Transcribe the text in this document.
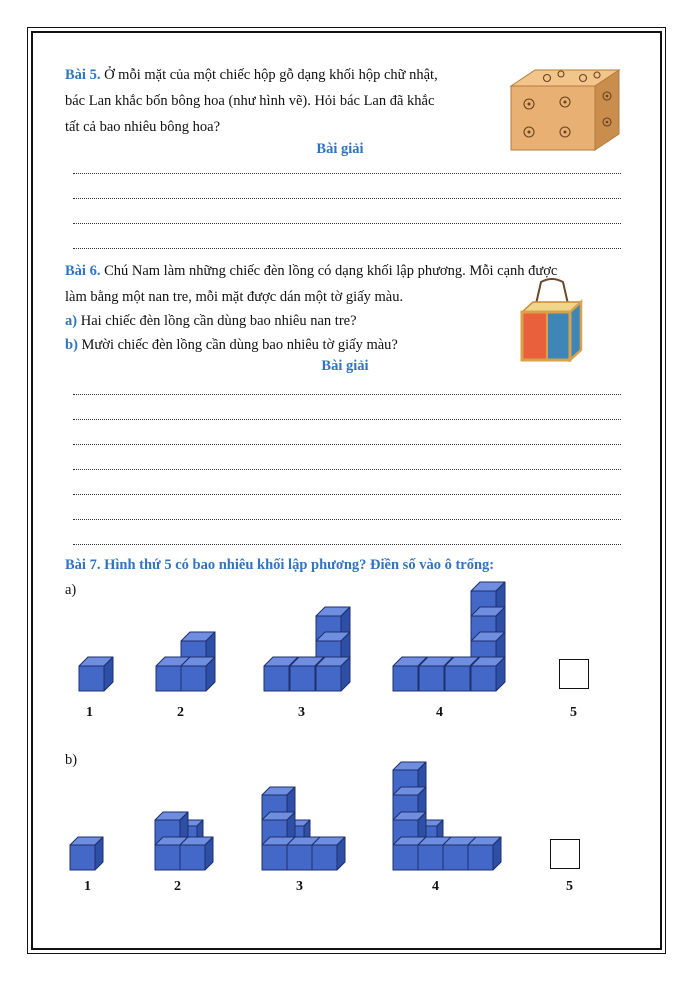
Bài 5. Ở mỗi mặt của một chiếc hộp gỗ dạng khối hộp chữ nhật,
bác Lan khắc bốn bông hoa (như hình vẽ). Hỏi bác Lan đã khắc
tất cả bao nhiêu bông hoa?
Bài giải
Bài 6. Chú Nam làm những chiếc đèn lồng có dạng khối lập phương. Mỗi cạnh được
làm bằng một nan tre, mỗi mặt được dán một tờ giấy màu.
a) Hai chiếc đèn lồng cần dùng bao nhiêu nan tre?
b) Mười chiếc đèn lồng cần dùng bao nhiêu tờ giấy màu?
Bài giải
Bài 7. Hình thứ 5 có bao nhiêu khối lập phương? Điền số vào ô trống:
a)
1	2	3	4	5
b)
1	2	3	4	5
